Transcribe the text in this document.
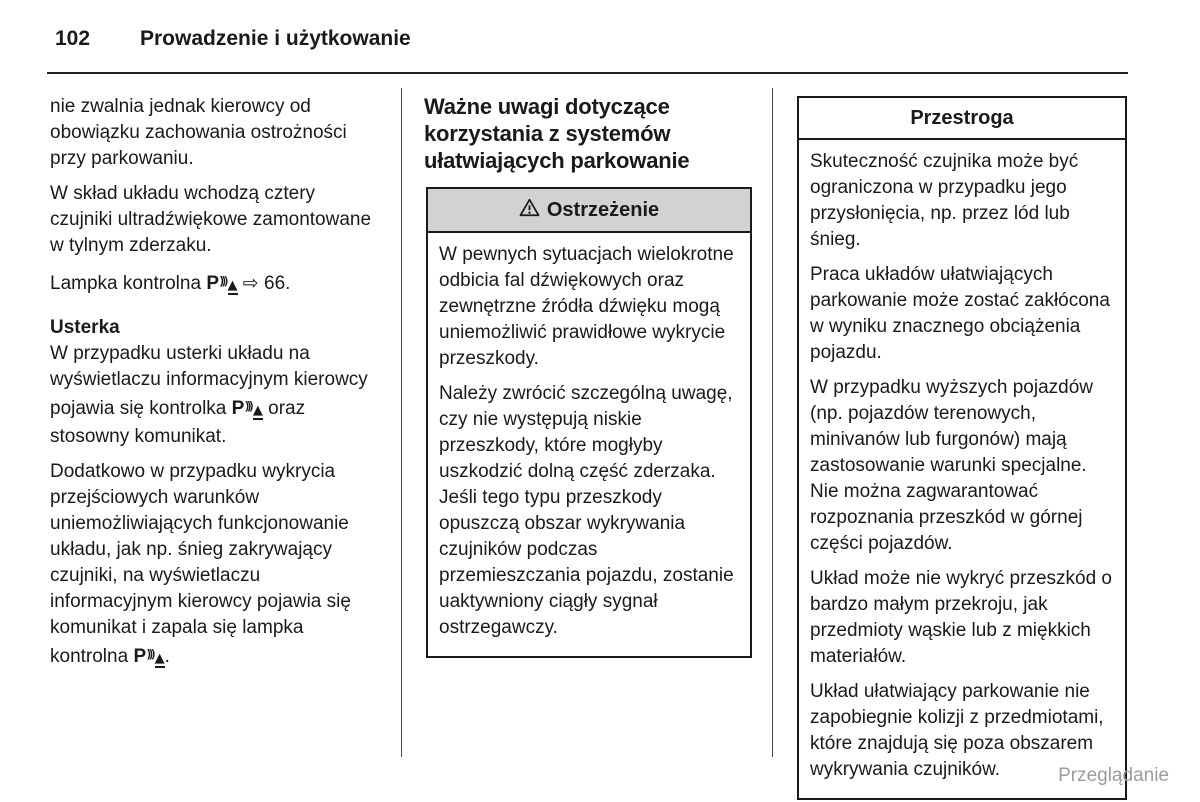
102 Prowadzenie i użytkowanie

nie zwalnia jednak kierowcy od obowiązku zachowania ostrożności przy parkowaniu.

W skład układu wchodzą cztery czujniki ultradźwiękowe zamontowane w tylnym zderzaku.

Lampka kontrolna P)))▲ ⇨ 66.

Usterka

W przypadku usterki układu na wyświetlaczu informacyjnym kierowcy pojawia się kontrolka P)))▲ oraz stosowny komunikat.

Dodatkowo w przypadku wykrycia przejściowych warunków uniemożliwiających funkcjonowanie układu, jak np. śnieg zakrywający czujniki, na wyświetlaczu informacyjnym kierowcy pojawia się komunikat i zapala się lampka kontrolna P)))▲.

Ważne uwagi dotyczące korzystania z systemów ułatwiających parkowanie
Ostrzeżenie

W pewnych sytuacjach wielokrotne odbicia fal dźwiękowych oraz zewnętrzne źródła dźwięku mogą uniemożliwić prawidłowe wykrycie przeszkody.

Należy zwrócić szczególną uwagę, czy nie występują niskie przeszkody, które mogłyby uszkodzić dolną część zderzaka. Jeśli tego typu przeszkody opuszczą obszar wykrywania czujników podczas przemieszczania pojazdu, zostanie uaktywniony ciągły sygnał ostrzegawczy.

Przestroga

Skuteczność czujnika może być ograniczona w przypadku jego przysłonięcia, np. przez lód lub śnieg.

Praca układów ułatwiających parkowanie może zostać zakłócona w wyniku znacznego obciążenia pojazdu.

W przypadku wyższych pojazdów (np. pojazdów terenowych, minivanów lub furgonów) mają zastosowanie warunki specjalne. Nie można zagwarantować rozpoznania przeszkód w górnej części pojazdów.

Układ może nie wykryć przeszkód o bardzo małym przekroju, jak przedmioty wąskie lub z miękkich materiałów.

Układ ułatwiający parkowanie nie zapobiegnie kolizji z przedmiotami, które znajdują się poza obszarem wykrywania czujników.	Przeglądanie
